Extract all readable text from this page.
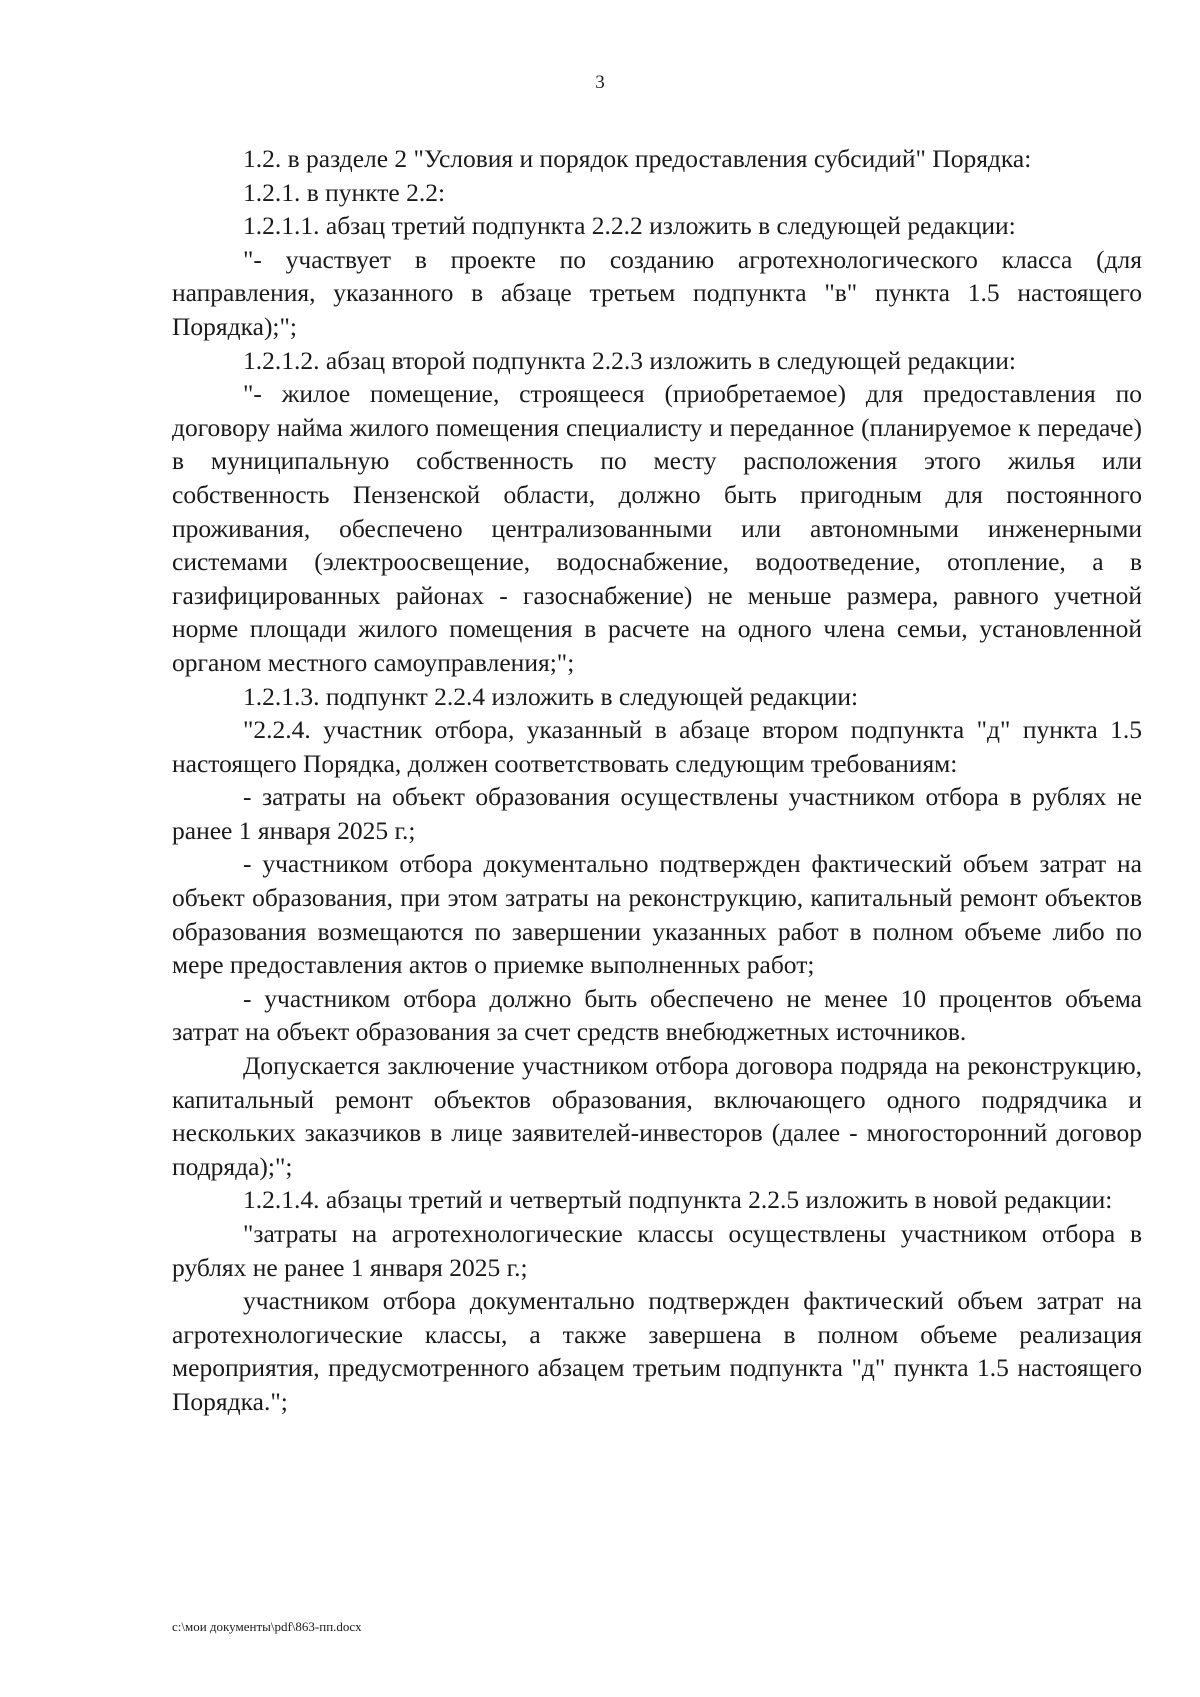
3

1.2. в разделе 2 "Условия и порядок предоставления субсидий" Порядка:

1.2.1. в пункте 2.2:

1.2.1.1. абзац третий подпункта 2.2.2 изложить в следующей редакции:

"- участвует в проекте по созданию агротехнологического класса (для направления, указанного в абзаце третьем подпункта "в" пункта 1.5 настоящего Порядка);";

1.2.1.2. абзац второй подпункта 2.2.3 изложить в следующей редакции:

"- жилое помещение, строящееся (приобретаемое) для предоставления по договору найма жилого помещения специалисту и переданное (планируемое к передаче) в муниципальную собственность по месту расположения этого жилья или собственность Пензенской области, должно быть пригодным для постоянного проживания, обеспечено централизованными или автономными инженерными системами (электроосвещение, водоснабжение, водоотведение, отопление, а в газифицированных районах - газоснабжение) не меньше размера, равного учетной норме площади жилого помещения в расчете на одного члена семьи, установленной органом местного самоуправления;";

1.2.1.3. подпункт 2.2.4 изложить в следующей редакции:

"2.2.4. участник отбора, указанный в абзаце втором подпункта "д" пункта 1.5 настоящего Порядка, должен соответствовать следующим требованиям:

- затраты на объект образования осуществлены участником отбора в рублях не ранее 1 января 2025 г.;

- участником отбора документально подтвержден фактический объем затрат на объект образования, при этом затраты на реконструкцию, капитальный ремонт объектов образования возмещаются по завершении указанных работ в полном объеме либо по мере предоставления актов о приемке выполненных работ;

- участником отбора должно быть обеспечено не менее 10 процентов объема затрат на объект образования за счет средств внебюджетных источников.

Допускается заключение участником отбора договора подряда на реконструкцию, капитальный ремонт объектов образования, включающего одного подрядчика и нескольких заказчиков в лице заявителей-инвесторов (далее - многосторонний договор подряда);";

1.2.1.4. абзацы третий и четвертый подпункта 2.2.5 изложить в новой редакции:

"затраты на агротехнологические классы осуществлены участником отбора в рублях не ранее 1 января 2025 г.;

участником отбора документально подтвержден фактический объем затрат на агротехнологические классы, а также завершена в полном объеме реализация мероприятия, предусмотренного абзацем третьим подпункта "д" пункта 1.5 настоящего Порядка.";

c:\мои документы\pdf\863-пп.docx
